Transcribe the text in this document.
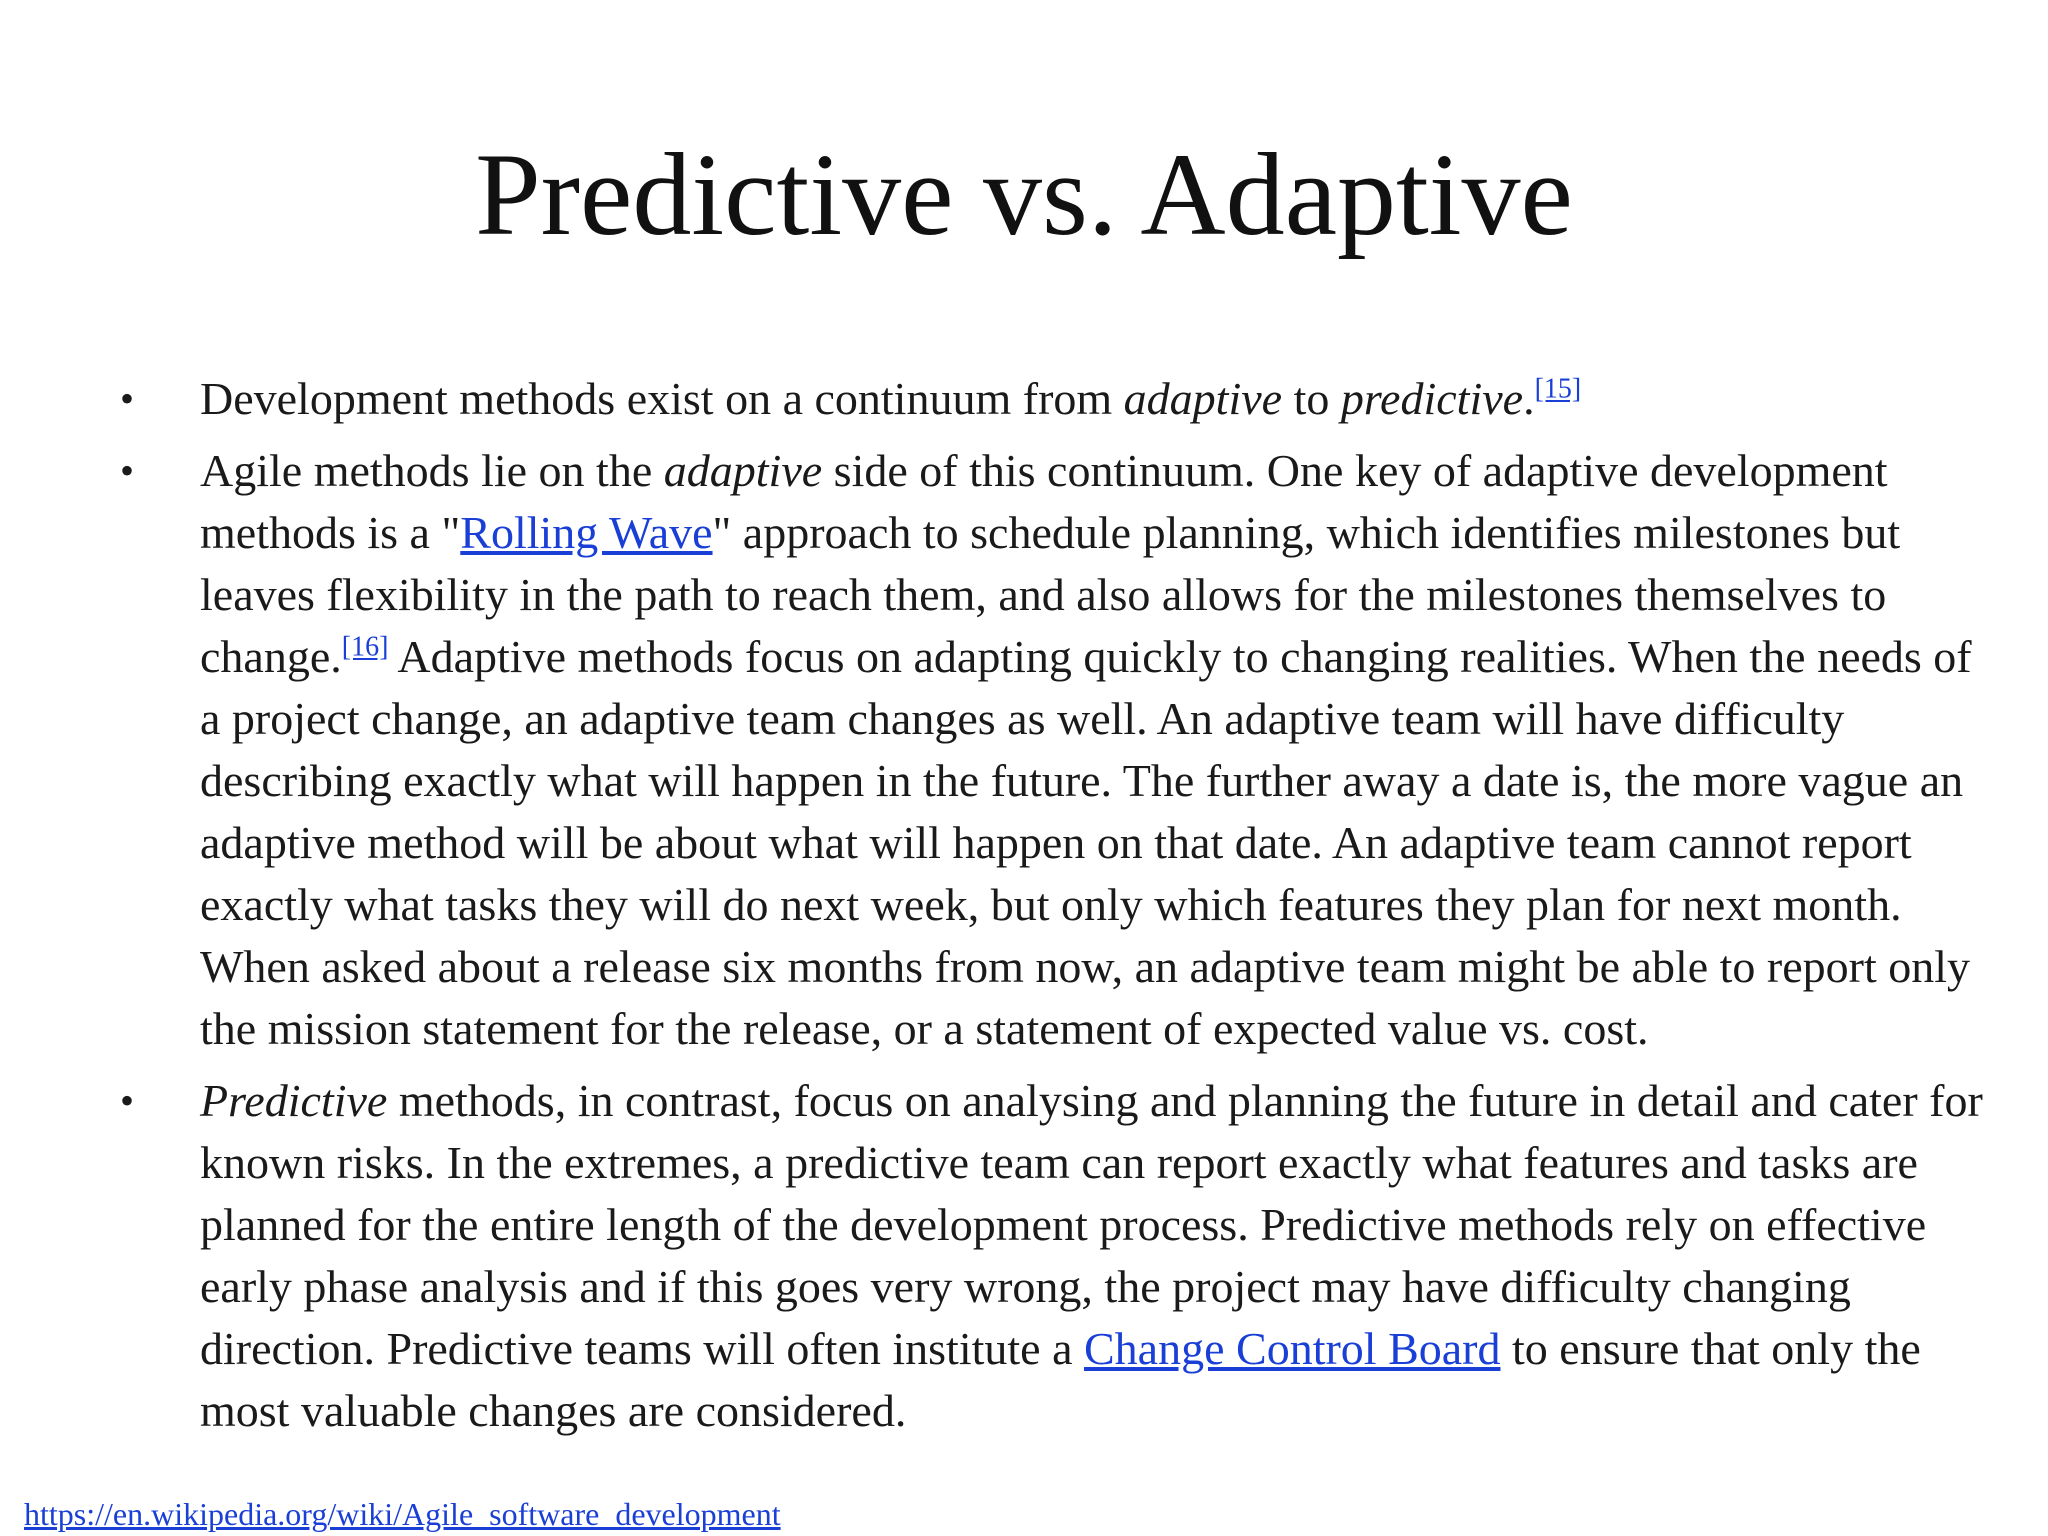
Predictive vs. Adaptive
•	Development methods exist on a continuum from adaptive to predictive.[15]
•	Agile methods lie on the adaptive side of this continuum. One key of adaptive development methods is a "Rolling Wave" approach to schedule planning, which identifies milestones but leaves flexibility in the path to reach them, and also allows for the milestones themselves to change.[16] Adaptive methods focus on adapting quickly to changing realities. When the needs of a project change, an adaptive team changes as well. An adaptive team will have difficulty describing exactly what will happen in the future. The further away a date is, the more vague an adaptive method will be about what will happen on that date. An adaptive team cannot report exactly what tasks they will do next week, but only which features they plan for next month. When asked about a release six months from now, an adaptive team might be able to report only the mission statement for the release, or a statement of expected value vs. cost.
•	Predictive methods, in contrast, focus on analysing and planning the future in detail and cater for known risks. In the extremes, a predictive team can report exactly what features and tasks are planned for the entire length of the development process. Predictive methods rely on effective early phase analysis and if this goes very wrong, the project may have difficulty changing direction. Predictive teams will often institute a Change Control Board to ensure that only the most valuable changes are considered.
https://en.wikipedia.org/wiki/Agile_software_development
